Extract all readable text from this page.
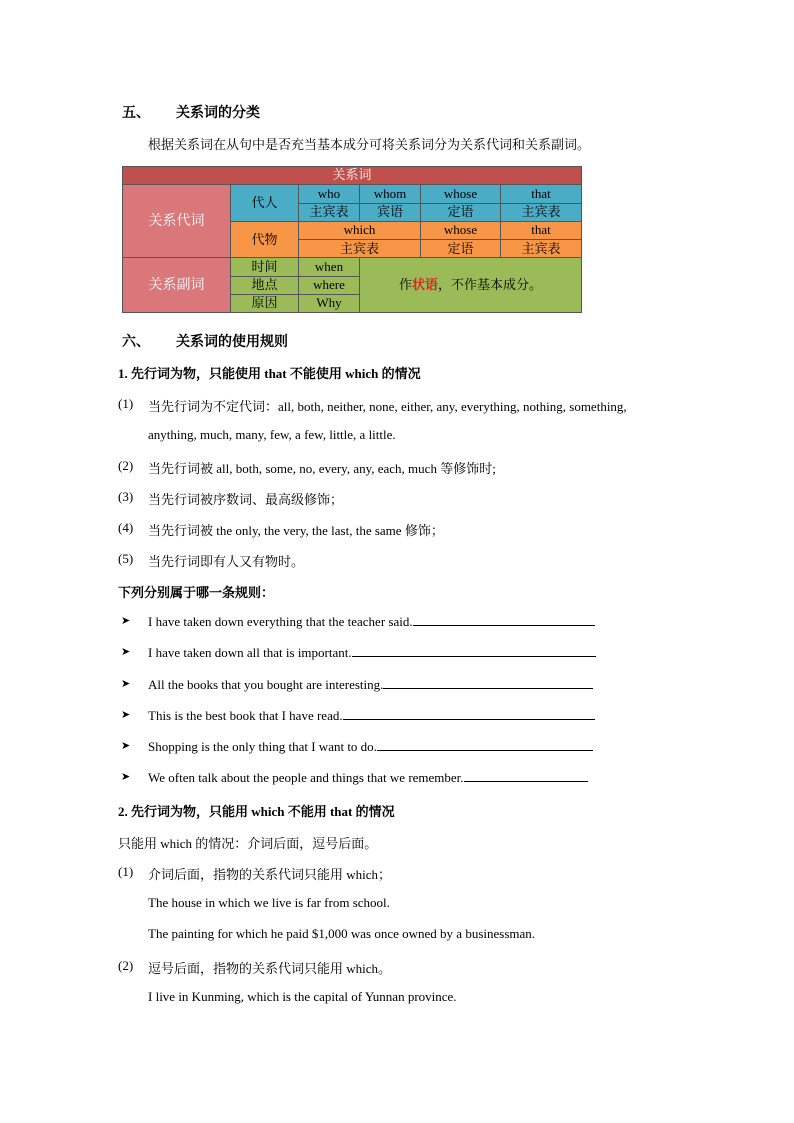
五、 关系词的分类
根据关系词在从句中是否充当基本成分可将关系词分为关系代词和关系副词。
关系词					
关系代词	代人	who	whom	whose	that
		主宾表	宾语	定语	主宾表
	代物	which		whose	that
		主宾表		定语	主宾表
关系副词	时间	when	作状语，不作基本成分。		
	地点	where			
	原因	Why			
六、 关系词的使用规则
1. 先行词为物，只能使用 that 不能使用 which 的情况
(1) 当先行词为不定代词：all, both, neither, none, either, any, everything, nothing, something,
anything, much, many, few, a few, little, a little.
(2) 当先行词被 all, both, some, no, every, any, each, much 等修饰时;
(3) 当先行词被序数词、最高级修饰；
(4) 当先行词被 the only, the very, the last, the same 修饰；
(5) 当先行词即有人又有物时。
下列分别属于哪一条规则：
➤ I have taken down everything that the teacher said.
➤ I have taken down all that is important.
➤ All the books that you bought are interesting.
➤ This is the best book that I have read.
➤ Shopping is the only thing that I want to do.
➤ We often talk about the people and things that we remember.
2. 先行词为物，只能用 which 不能用 that 的情况
只能用 which 的情况：介词后面，逗号后面。
(1) 介词后面，指物的关系代词只能用 which；
The house in which we live is far from school.
The painting for which he paid $1,000 was once owned by a businessman.
(2) 逗号后面，指物的关系代词只能用 which。
I live in Kunming, which is the capital of Yunnan province.
